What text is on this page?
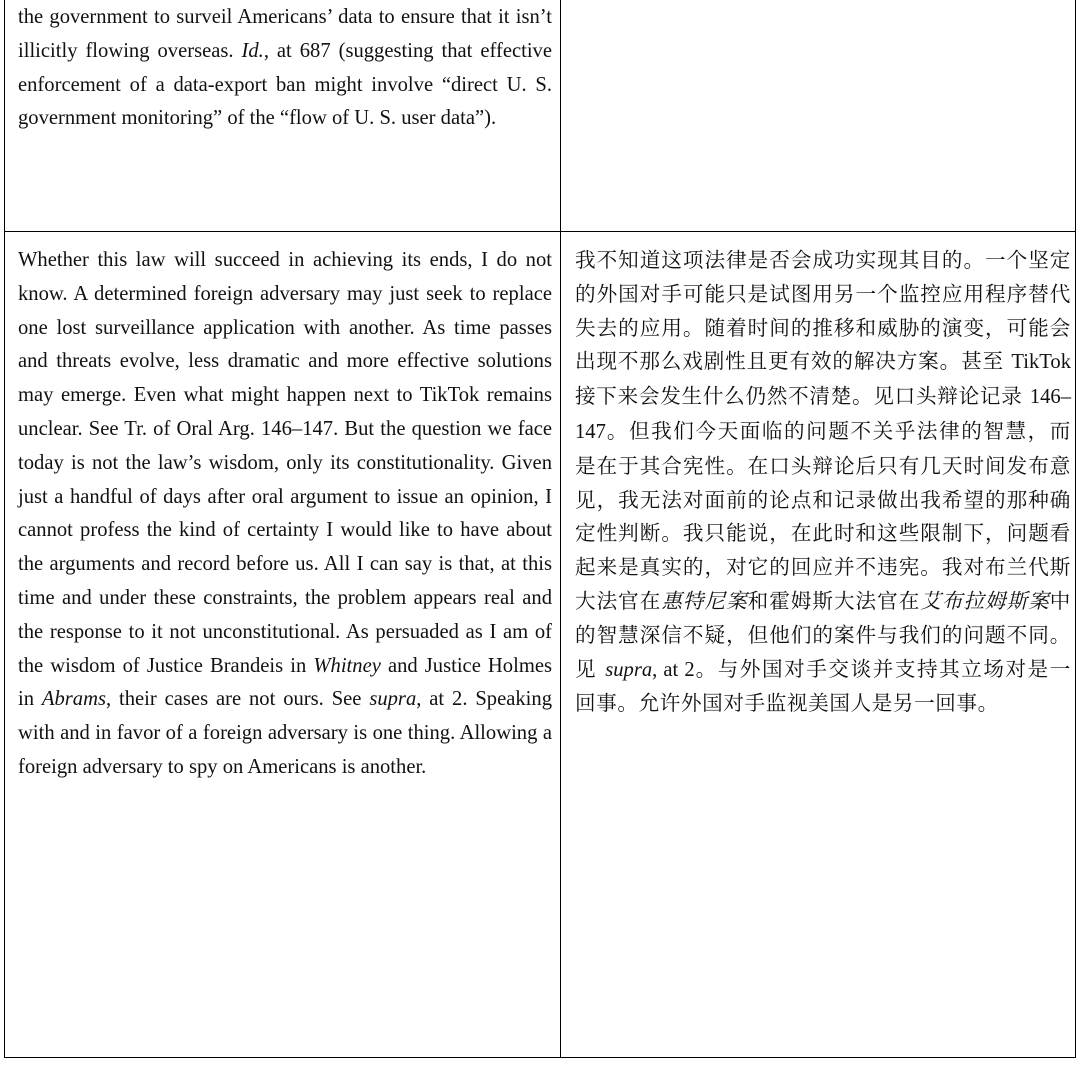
the government to surveil Americans’ data to ensure that it isn’t illicitly flowing overseas. Id., at 687 (suggesting that effective enforcement of a data-export ban might involve “direct U. S. government monitoring” of the “flow of U. S. user data”).

Whether this law will succeed in achieving its ends, I do not know. A determined foreign adversary may just seek to replace one lost surveillance application with another. As time passes and threats evolve, less dramatic and more effective solutions may emerge. Even what might happen next to TikTok remains unclear. See Tr. of Oral Arg. 146–147. But the question we face today is not the law’s wisdom, only its constitutionality. Given just a handful of days after oral argument to issue an opinion, I cannot profess the kind of certainty I would like to have about the arguments and record before us. All I can say is that, at this time and under these constraints, the problem appears real and the response to it not unconstitutional. As persuaded as I am of the wisdom of Justice Brandeis in Whitney and Justice Holmes in Abrams, their cases are not ours. See supra, at 2. Speaking with and in favor of a foreign adversary is one thing. Allowing a foreign adversary to spy on Americans is another.

我不知道这项法律是否会成功实现其目的。一个坚定的外国对手可能只是试图用另一个监控应用程序替代失去的应用。随着时间的推移和威胁的演变，可能会出现不那么戏剧性且更有效的解决方案。甚至 TikTok 接下来会发生什么仍然不清楚。见口头辩论记录 146–147。但我们今天面临的问题不关乎法律的智慧，而是在于其合宪性。在口头辩论后只有几天时间发布意见，我无法对面前的论点和记录做出我希望的那种确定性判断。我只能说，在此时和这些限制下，问题看起来是真实的，对它的回应并不违宪。我对布兰代斯大法官在惠特尼案和霍姆斯大法官在艾布拉姆斯案中的智慧深信不疑，但他们的案件与我们的问题不同。见 supra, at 2。与外国对手交谈并支持其立场对是一回事。允许外国对手监视美国人是另一回事。
